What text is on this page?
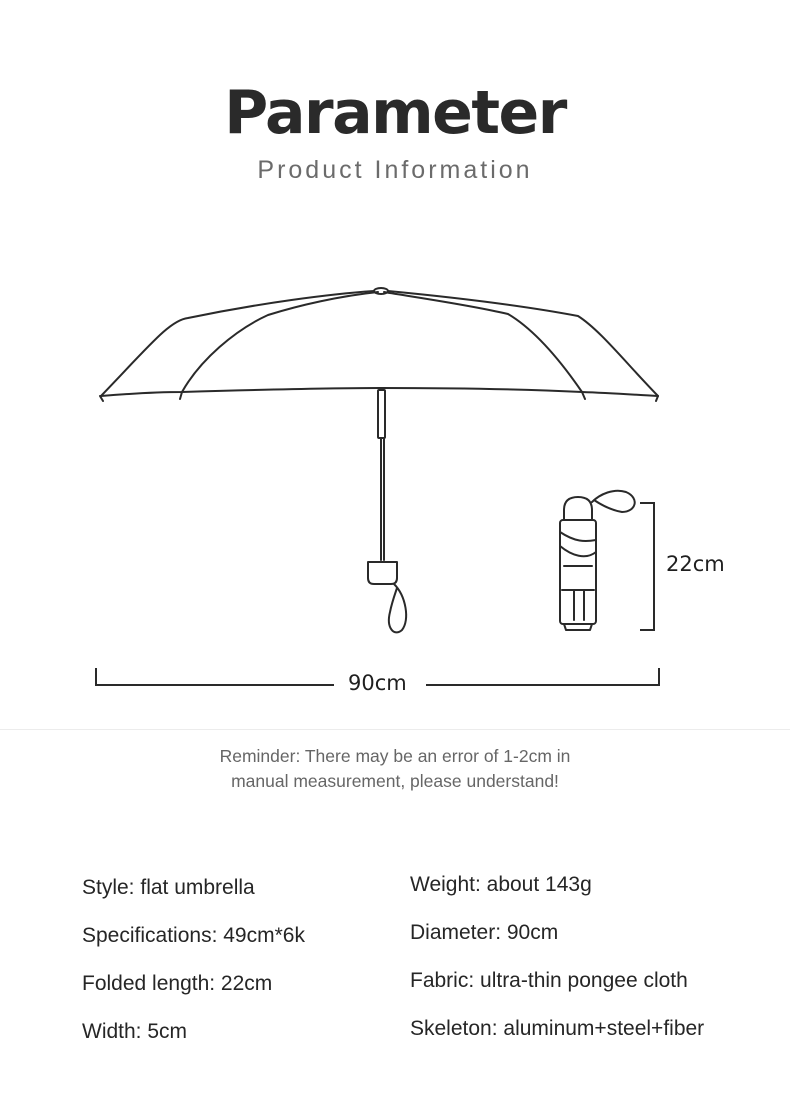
Parameter
Product Information
90cm
22cm
Reminder: There may be an error of 1-2cm in
manual measurement, please understand!
Style: flat umbrella
Specifications: 49cm*6k
Folded length: 22cm
Width: 5cm
Weight: about 143g
Diameter: 90cm
Fabric: ultra-thin pongee cloth
Skeleton: aluminum+steel+fiber
